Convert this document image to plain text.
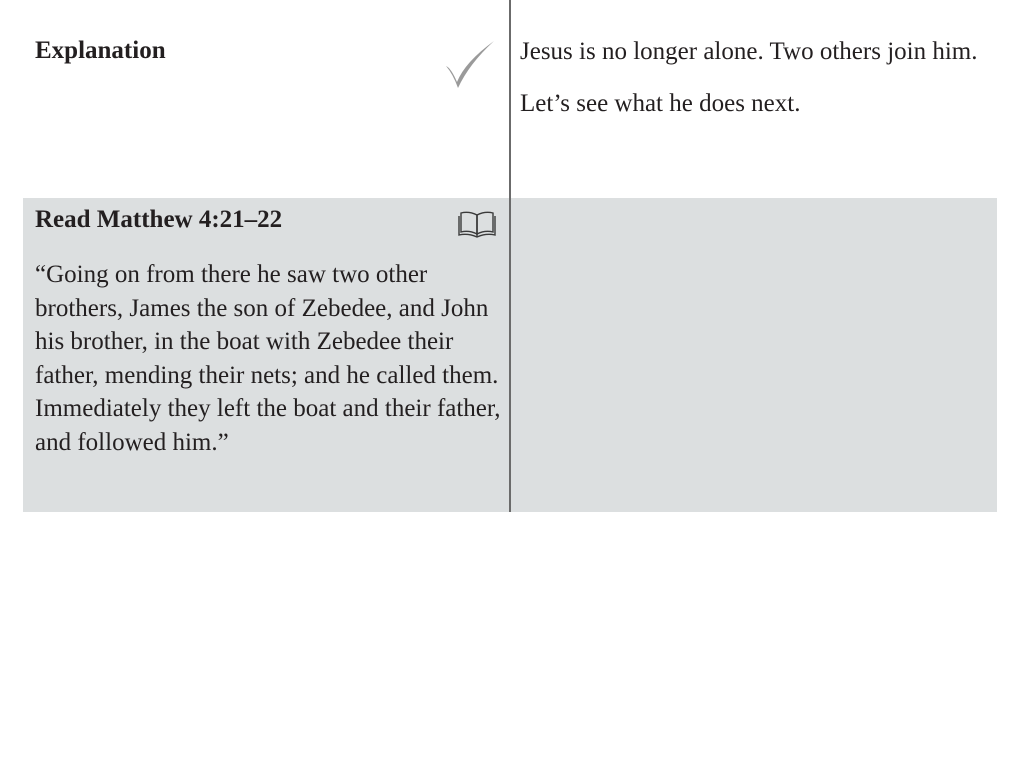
Explanation	Jesus is no longer alone. Two others join him.

Let’s see what he does next.

Read Matthew 4:21–22

“Going on from there he saw two other brothers, James the son of Zebedee, and John his brother, in the boat with Zebedee their father, mending their nets; and he called them. Immediately they left the boat and their father, and followed him.”
